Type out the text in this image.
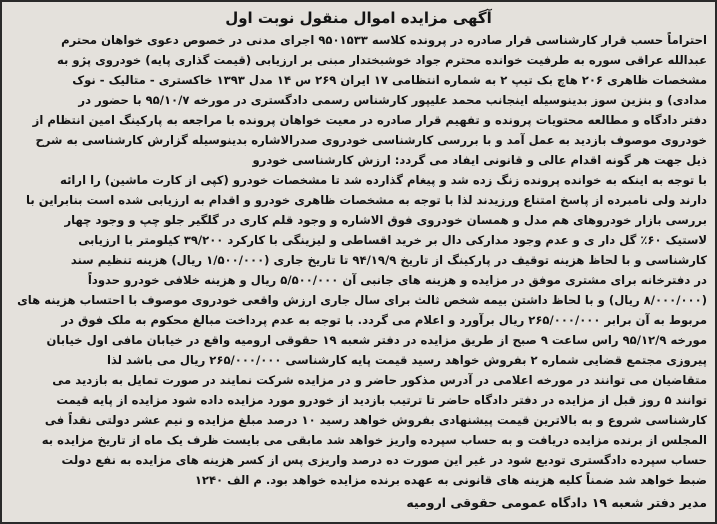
آگهی مزایده اموال منقول نوبت اول
احتراماً حسب قرار کارشناسی قرار صادره در پرونده کلاسه ۹۵۰۱۵۳۳ اجرای مدنی در خصوص دعوی خواهان محترم
عبدالله عراقی سوره به طرفیت خوانده محترم جواد خوشبختدار مبنی بر ارزیابی (قیمت گذاری پایه) خودروی پژو به
مشخصات ظاهری ۲۰۶ هاچ بک تیپ ۲ به شماره انتظامی ۱۷ ایران ۲۶۹ س ۱۴ مدل ۱۳۹۳ خاکستری - متالیک - نوک
مدادی) و بنزین سوز بدینوسیله اینجانب محمد علیپور کارشناس رسمی دادگستری در مورخه ۹۵/۱۰/۷ با حضور در
دفتر دادگاه و مطالعه محتویات پرونده و تفهیم قرار صادره در معیت خواهان پرونده با مراجعه به پارکینگ امین انتظام از
خودروی موصوف بازدید به عمل آمد و با بررسی کارشناسی خودروی صدرالاشاره بدینوسیله گزارش کارشناسی به شرح
ذیل جهت هر گونه اقدام عالی و قانونی ایفاد می گردد: ارزش کارشناسی خودرو
با توجه به اینکه به خوانده پرونده زنگ زده شد و پیغام گذارده شد تا مشخصات خودرو (کپی از کارت ماشین) را ارائه
دارند ولی نامبرده از پاسخ امتناع ورزیدند لذا با توجه به مشخصات ظاهری خودرو و اقدام به ارزیابی شده است بنابراین با
بررسی بازار خودروهای هم مدل و همسان خودروی فوق الاشاره و وجود قلم کاری در گلگیر جلو چپ و وجود چهار
لاستیک ۶۰٪ گل دار ی و عدم وجود مدارکی دال بر خرید اقساطی و لیزینگی با کارکرد ۳۹/۲۰۰ کیلومتر با ارزیابی
کارشناسی و با لحاظ هزینه توقیف در پارکینگ از تاریخ ۹۴/۱۹/۹ تا تاریخ جاری (۱/۵۰۰/۰۰۰ ریال) هزینه تنظیم سند
در دفترخانه برای مشتری موفق در مزایده و هزینه های جانبی آن ۵/۵۰۰/۰۰۰ ریال و هزینه خلافی خودرو حدوداً
(۸/۰۰۰/۰۰۰ ریال) و با لحاظ داشتن بیمه شخص ثالث برای سال جاری ارزش واقعی خودروی موصوف با احتساب هزینه های
مربوط به آن برابر ۲۶۵/۰۰۰/۰۰۰ ریال برآورد و اعلام می گردد. با توجه به عدم پرداخت مبالغ محکوم به ملک فوق در
مورخه ۹۵/۱۲/۹ راس ساعت ۹ صبح از طریق مزایده در دفتر شعبه ۱۹ حقوقی ارومیه واقع در خیابان مافی اول خیابان
پیروزی مجتمع قضایی شماره ۲ بفروش خواهد رسید قیمت پایه کارشناسی ۲۶۵/۰۰۰/۰۰۰ ریال می باشد لذا
متقاضیان می توانند در مورخه اعلامی در آدرس مذکور حاضر و در مزایده شرکت نمایند در صورت تمایل به بازدید می
توانند ۵ روز قبل از مزایده در دفتر دادگاه حاضر تا ترتیب بازدید از خودرو مورد مزایده داده شود مزایده از پایه قیمت
کارشناسی شروع و به بالاترین قیمت پیشنهادی بفروش خواهد رسید ۱۰ درصد مبلغ مزایده و نیم عشر دولتی نقداً فی
المجلس از برنده مزایده دریافت و به حساب سپرده واریز خواهد شد مابقی می بایست ظرف یک ماه از تاریخ مزایده به
حساب سپرده دادگستری تودیع شود در غیر این صورت ده درصد واریزی پس از کسر هزینه های مزایده به نفع دولت
ضبط خواهد شد ضمناً کلیه هزینه های قانونی به عهده برنده مزایده خواهد بود. م الف ۱۲۴۰
مدیر دفتر شعبه ۱۹ دادگاه عمومی حقوقی ارومیه
